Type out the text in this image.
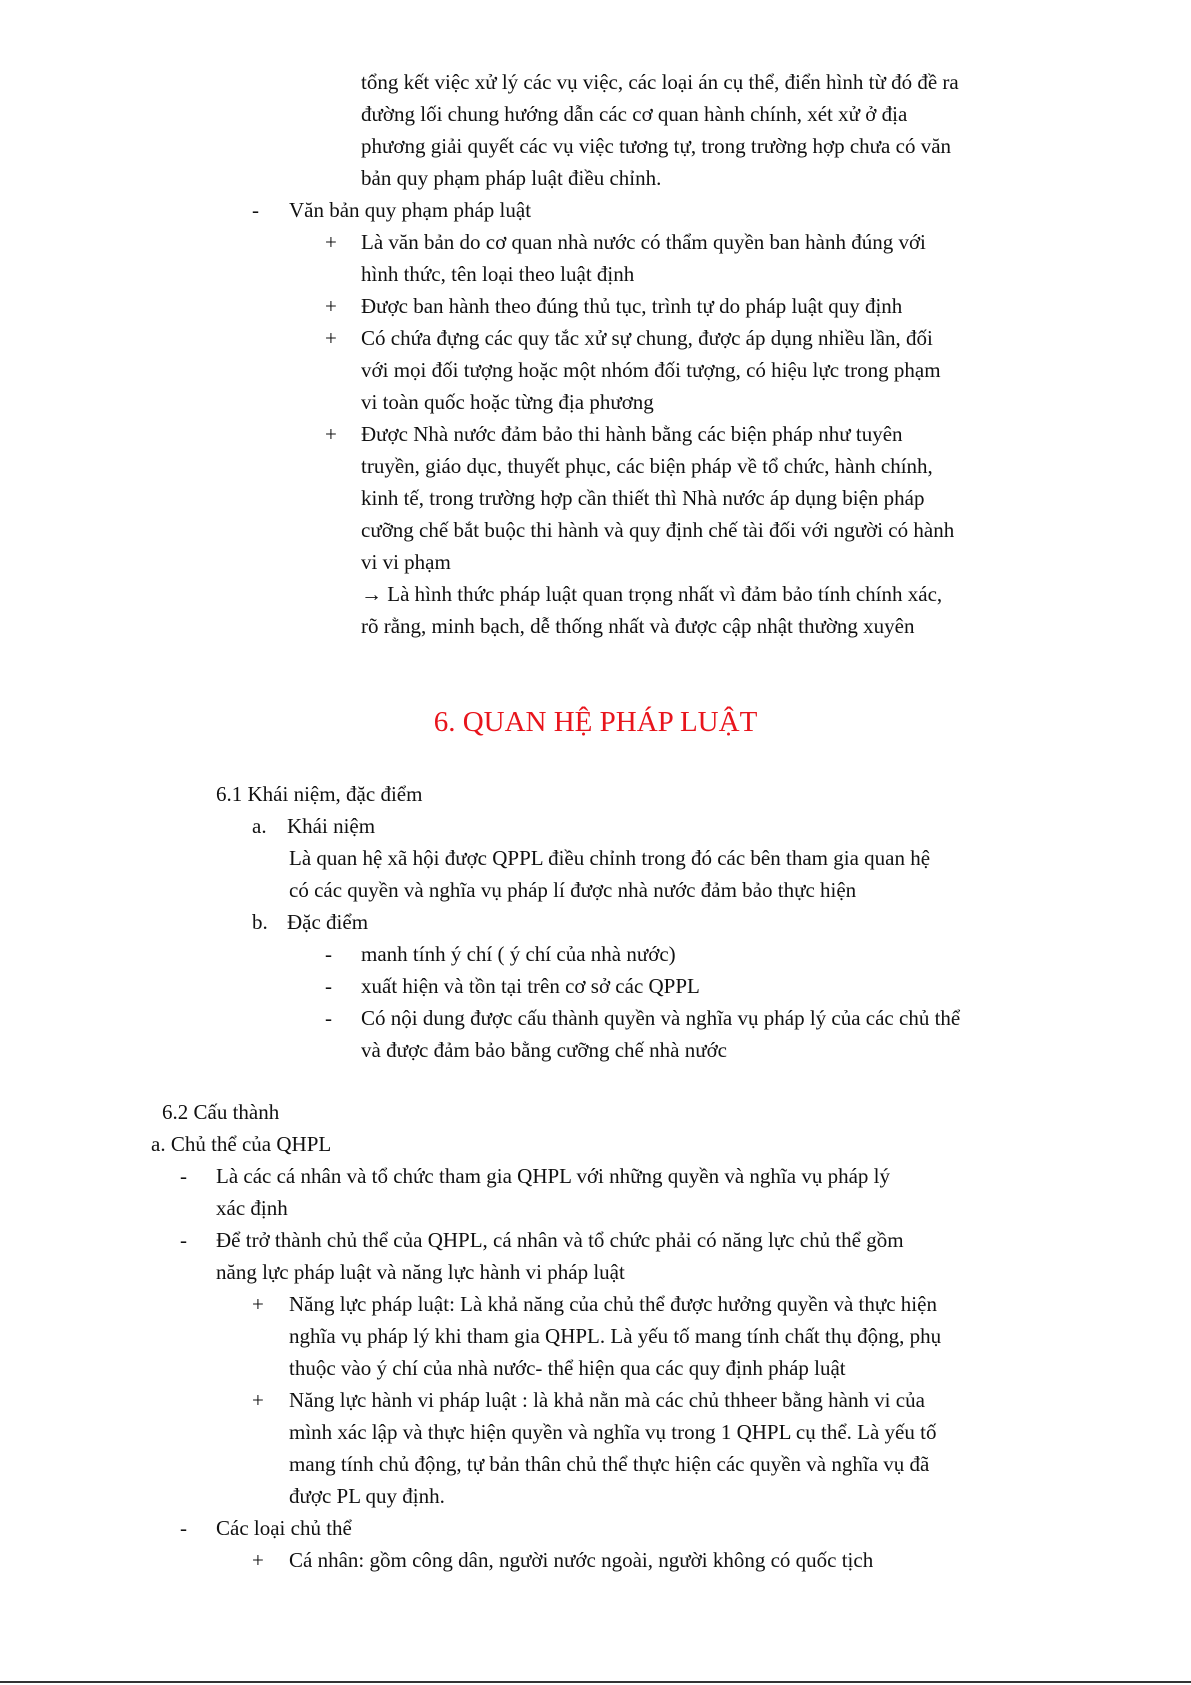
tổng kết việc xử lý các vụ việc, các loại án cụ thể, điển hình từ đó đề ra
đường lối chung hướng dẫn các cơ quan hành chính, xét xử ở địa
phương giải quyết các vụ việc tương tự, trong trường hợp chưa có văn
bản quy phạm pháp luật điều chỉnh.
- Văn bản quy phạm pháp luật
+ Là văn bản do cơ quan nhà nước có thẩm quyền ban hành đúng với
hình thức, tên loại theo luật định
+ Được ban hành theo đúng thủ tục, trình tự do pháp luật quy định
+ Có chứa đựng các quy tắc xử sự chung, được áp dụng nhiều lần, đối
với mọi đối tượng hoặc một nhóm đối tượng, có hiệu lực trong phạm
vi toàn quốc hoặc từng địa phương
+ Được Nhà nước đảm bảo thi hành bằng các biện pháp như tuyên
truyền, giáo dục, thuyết phục, các biện pháp về tổ chức, hành chính,
kinh tế, trong trường hợp cần thiết thì Nhà nước áp dụng biện pháp
cưỡng chế bắt buộc thi hành và quy định chế tài đối với người có hành
vi vi phạm
→ Là hình thức pháp luật quan trọng nhất vì đảm bảo tính chính xác,
rõ rằng, minh bạch, dễ thống nhất và được cập nhật thường xuyên
6. QUAN HỆ PHÁP LUẬT
6.1 Khái niệm, đặc điểm
a. Khái niệm
Là quan hệ xã hội được QPPL điều chỉnh trong đó các bên tham gia quan hệ
có các quyền và nghĩa vụ pháp lí được nhà nước đảm bảo thực hiện
b. Đặc điểm
- manh tính ý chí ( ý chí của nhà nước)
- xuất hiện và tồn tại trên cơ sở các QPPL
- Có nội dung được cấu thành quyền và nghĩa vụ pháp lý của các chủ thể
và được đảm bảo bằng cưỡng chế nhà nước
6.2 Cấu thành
a. Chủ thể của QHPL
- Là các cá nhân và tổ chức tham gia QHPL với những quyền và nghĩa vụ pháp lý
xác định
- Để trở thành chủ thể của QHPL, cá nhân và tổ chức phải có năng lực chủ thể gồm
năng lực pháp luật và năng lực hành vi pháp luật
+ Năng lực pháp luật: Là khả năng của chủ thể được hưởng quyền và thực hiện
nghĩa vụ pháp lý khi tham gia QHPL. Là yếu tố mang tính chất thụ động, phụ
thuộc vào ý chí của nhà nước- thể hiện qua các quy định pháp luật
+ Năng lực hành vi pháp luật : là khả nằn mà các chủ thheer bằng hành vi của
mình xác lập và thực hiện quyền và nghĩa vụ trong 1 QHPL cụ thể. Là yếu tố
mang tính chủ động, tự bản thân chủ thể thực hiện các quyền và nghĩa vụ đã
được PL quy định.
- Các loại chủ thể
+ Cá nhân: gồm công dân, người nước ngoài, người không có quốc tịch
